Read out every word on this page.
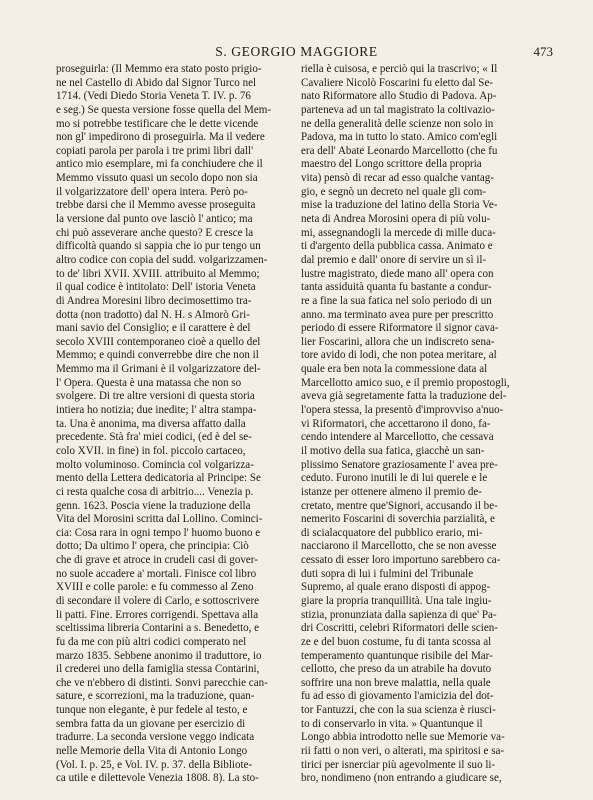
S. GEORGIO MAGGIORE	473
proseguirla: (Il Memmo era stato posto prigio-
ne nel Castello di Abido dal Signor Turco nel
1714. (Vedi Diedo Storia Veneta T. IV. p. 76
e seg.) Se questa versione fosse quella del Mem-
mo si potrebbe testificare che le dette vicende
non gl' impedirono di proseguirla. Ma il vedere
copiati parola per parola i tre primi libri dall'
antico mio esemplare, mi fa conchiudere che il
Memmo vissuto quasi un secolo dopo non sia
il volgarizzatore dell' opera intera. Però po-
trebbe darsi che il Memmo avesse proseguita
la versione dal punto ove lasciò l' antico; ma
chi può asseverare anche questo? E cresce la
difficoltà quando si sappia che io pur tengo un
altro codice con copia del sudd. volgarizzamen-
to de' libri XVII. XVIII. attribuito al Memmo;
il qual codice è intitolato: Dell' istoria Veneta
di Andrea Moresini libro decimosettimo tra-
dotta (non tradotto) dal N. H. s Almorò Gri-
mani savio del Consiglio; e il carattere è del
secolo XVIII contemporaneo cioè a quello del
Memmo; e quindi converrebbe dire che non il
Memmo ma il Grimani è il volgarizzatore del-
l' Opera. Questa è una matassa che non so
svolgere. Di tre altre versioni di questa storia
intiera ho notizia; due inedite; l' altra stampa-
ta. Una è anonima, ma diversa affatto dalla
precedente. Stà fra' miei codici, (ed è del se-
colo XVII. in fine) in fol. piccolo cartaceo,
molto voluminoso. Comincia col volgarizza-
mento della Lettera dedicatoria al Principe: Se
ci resta qualche cosa di arbitrio.... Venezia p.
genn. 1623. Poscia viene la traduzione della
Vita del Morosini scritta dal Lollino. Cominci-
cia: Cosa rara in ogni tempo l' huomo buono e
dotto; Da ultimo l' opera, che principia: Ciò
che di grave et atroce in crudeli casi di gover-
no suole accadere a' mortali. Finisce col libro
XVIII e colle parole: e fu commesso al Zeno
di secondare il volere di Carlo, e sottoscrivere
li patti. Fine. Errores corrigendi. Spettava alla
sceltissima libreria Contarini a s. Benedetto, e
fu da me con più altri codici comperato nel
marzo 1835. Sebbene anonimo il traduttore, io
il crederei uno della famiglia stessa Contarini,
che ve n'ebbero di distinti. Sonvi parecchie can-
sature, e scorrezioni, ma la traduzione, quan-
tunque non elegante, è pur fedele al testo, e
sembra fatta da un giovane per esercizio di
tradurre. La seconda versione veggo indicata
nelle Memorie della Vita di Antonio Longo
(Vol. I. p. 25, e Vol. IV. p. 37. della Bibliote-
ca utile e dilettevole Venezia 1808. 8). La sto-
riella è cuisosa, e perciò qui la trascrivo; « Il
Cavaliere Nicolò Foscarini fu eletto dal Se-
nato Riformatore allo Studio di Padova. Ap-
parteneva ad un tal magistrato la coltivazio-
ne della generalità delle scienze non solo in
Padova, ma in tutto lo stato. Amico com'egli
era dell' Abate Leonardo Marcellotto (che fu
maestro del Longo scrittore della propria
vita) pensò di recar ad esso qualche vantag-
gio, e segnò un decreto nel quale gli com-
mise la traduzione del latino della Storia Ve-
neta di Andrea Morosini opera di più volu-
mi, assegnandogli la mercede di mille duca-
ti d'argento della pubblica cassa. Animato e
dal premio e dall' onore di servire un sì il-
lustre magistrato, diede mano all' opera con
tanta assiduità quanta fu bastante a condur-
re a fine la sua fatica nel solo periodo di un
anno. ma terminato avea pure per prescritto
periodo di essere Riformatore il signor cava-
lier Foscarini, allora che un indiscreto sena-
tore avido di lodi, che non potea meritare, al
quale era ben nota la commessione data al
Marcellotto amico suo, e il premio propostogli,
aveva già segretamente fatta la traduzione del-
l'opera stessa, la presentò d'improvviso a'nuo-
vi Riformatori, che accettarono il dono, fa-
cendo intendere al Marcellotto, che cessava
il motivo della sua fatica, giacchè un san-
plissimo Senatore graziosamente l' avea pre-
ceduto. Furono inutili le di lui querele e le
istanze per ottenere almeno il premio de-
cretato, mentre que'Signori, accusando il be-
nemerito Foscarini di soverchia parzialità, e
di scialacquatore del pubblico erario, mi-
nacciarono il Marcellotto, che se non avesse
cessato di esser loro importuno sarebbero ca-
duti sopra di lui i fulmini del Tribunale
Supremo, al quale erano disposti di appog-
giare la propria tranquillità. Una tale ingiu-
stizia, pronunziata dalla sapienza di que' Pa-
dri Coscritti, celebri Riformatori delle scien-
ze e del buon costume, fu di tanta scossa al
temperamento quantunque risibile del Mar-
cellotto, che preso da un atrabile ha dovuto
soffrire una non breve malattia, nella quale
fu ad esso di giovamento l'amicizia del dot-
tor Fantuzzi, che con la sua scienza è riusci-
to di conservarlo in vita. » Quantunque il
Longo abbia introdotto nelle sue Memorie va-
rii fatti o non veri, o alterati, ma spiritosi e sa-
tirici per isnerciar più agevolmente il suo li-
bro, nondimeno (non entrando a giudicare se,
